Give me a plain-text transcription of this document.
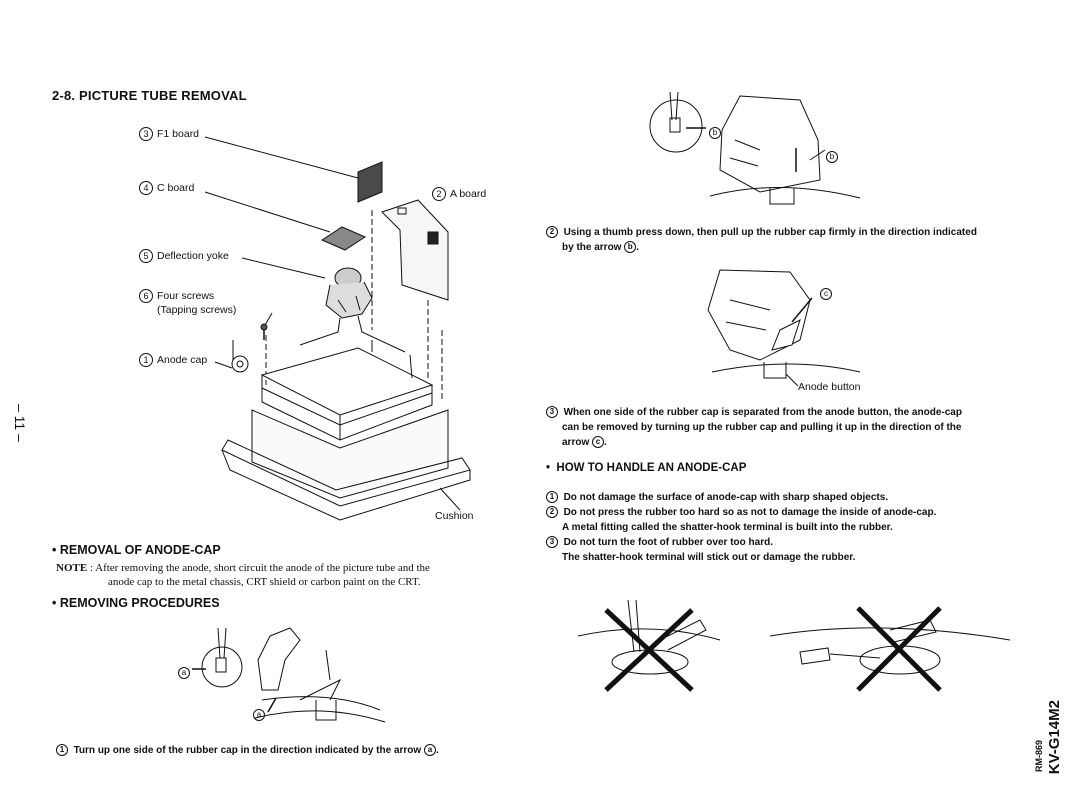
2-8. PICTURE TUBE REMOVAL
3 F1 board
4 C board
2 A board
5 Deflection yoke
6 Four screws
(Tapping screws)
1 Anode cap
Cushion
• REMOVAL OF ANODE-CAP
NOTE : After removing the anode, short circuit the anode of the picture tube and the
anode cap to the metal chassis, CRT shield or carbon paint on the CRT.
• REMOVING PROCEDURES
a
a
1 Turn up one side of the rubber cap in the direction indicated by the arrow a .
b
b
2 Using a thumb press down, then pull up the rubber cap firmly in the direction indicated
by the arrow b .
c
Anode button
3 When one side of the rubber cap is separated from the anode button, the anode-cap
can be removed by turning up the rubber cap and pulling it up in the direction of the
arrow c .
•  HOW TO HANDLE AN ANODE-CAP
1 Do not damage the surface of anode-cap with sharp shaped objects.
2 Do not press the rubber too hard so as not to damage the inside of anode-cap.
A metal fitting called the shatter-hook terminal is built into the rubber.
3 Do not turn the foot of rubber over too hard.
The shatter-hook terminal will stick out or damage the rubber.
– 11 –
KV-G14M2
RM-869
